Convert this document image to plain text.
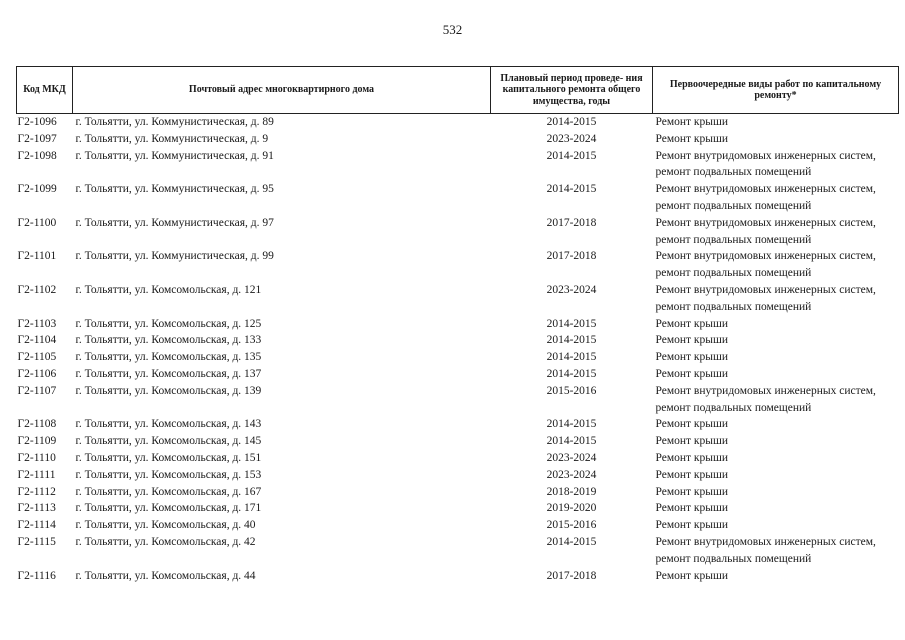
532
Код МКД	Почтовый адрес многоквартирного дома	Плановый период проведе- ния капитального ремонта общего имущества, годы	Первоочередные виды работ по капитальному ремонту*
Г2-1096	г. Тольятти, ул. Коммунистическая, д. 89	2014-2015	Ремонт крыши
Г2-1097	г. Тольятти, ул. Коммунистическая, д. 9	2023-2024	Ремонт крыши
Г2-1098	г. Тольятти, ул. Коммунистическая, д. 91	2014-2015	Ремонт внутридомовых инженерных систем,
ремонт подвальных помещений
Г2-1099	г. Тольятти, ул. Коммунистическая, д. 95	2014-2015	Ремонт внутридомовых инженерных систем,
ремонт подвальных помещений
Г2-1100	г. Тольятти, ул. Коммунистическая, д. 97	2017-2018	Ремонт внутридомовых инженерных систем,
ремонт подвальных помещений
Г2-1101	г. Тольятти, ул. Коммунистическая, д. 99	2017-2018	Ремонт внутридомовых инженерных систем,
ремонт подвальных помещений
Г2-1102	г. Тольятти, ул. Комсомольская, д. 121	2023-2024	Ремонт внутридомовых инженерных систем,
ремонт подвальных помещений
Г2-1103	г. Тольятти, ул. Комсомольская, д. 125	2014-2015	Ремонт крыши
Г2-1104	г. Тольятти, ул. Комсомольская, д. 133	2014-2015	Ремонт крыши
Г2-1105	г. Тольятти, ул. Комсомольская, д. 135	2014-2015	Ремонт крыши
Г2-1106	г. Тольятти, ул. Комсомольская, д. 137	2014-2015	Ремонт крыши
Г2-1107	г. Тольятти, ул. Комсомольская, д. 139	2015-2016	Ремонт внутридомовых инженерных систем,
ремонт подвальных помещений
Г2-1108	г. Тольятти, ул. Комсомольская, д. 143	2014-2015	Ремонт крыши
Г2-1109	г. Тольятти, ул. Комсомольская, д. 145	2014-2015	Ремонт крыши
Г2-1110	г. Тольятти, ул. Комсомольская, д. 151	2023-2024	Ремонт крыши
Г2-1111	г. Тольятти, ул. Комсомольская, д. 153	2023-2024	Ремонт крыши
Г2-1112	г. Тольятти, ул. Комсомольская, д. 167	2018-2019	Ремонт крыши
Г2-1113	г. Тольятти, ул. Комсомольская, д. 171	2019-2020	Ремонт крыши
Г2-1114	г. Тольятти, ул. Комсомольская, д. 40	2015-2016	Ремонт крыши
Г2-1115	г. Тольятти, ул. Комсомольская, д. 42	2014-2015	Ремонт внутридомовых инженерных систем,
ремонт подвальных помещений
Г2-1116	г. Тольятти, ул. Комсомольская, д. 44	2017-2018	Ремонт крыши
